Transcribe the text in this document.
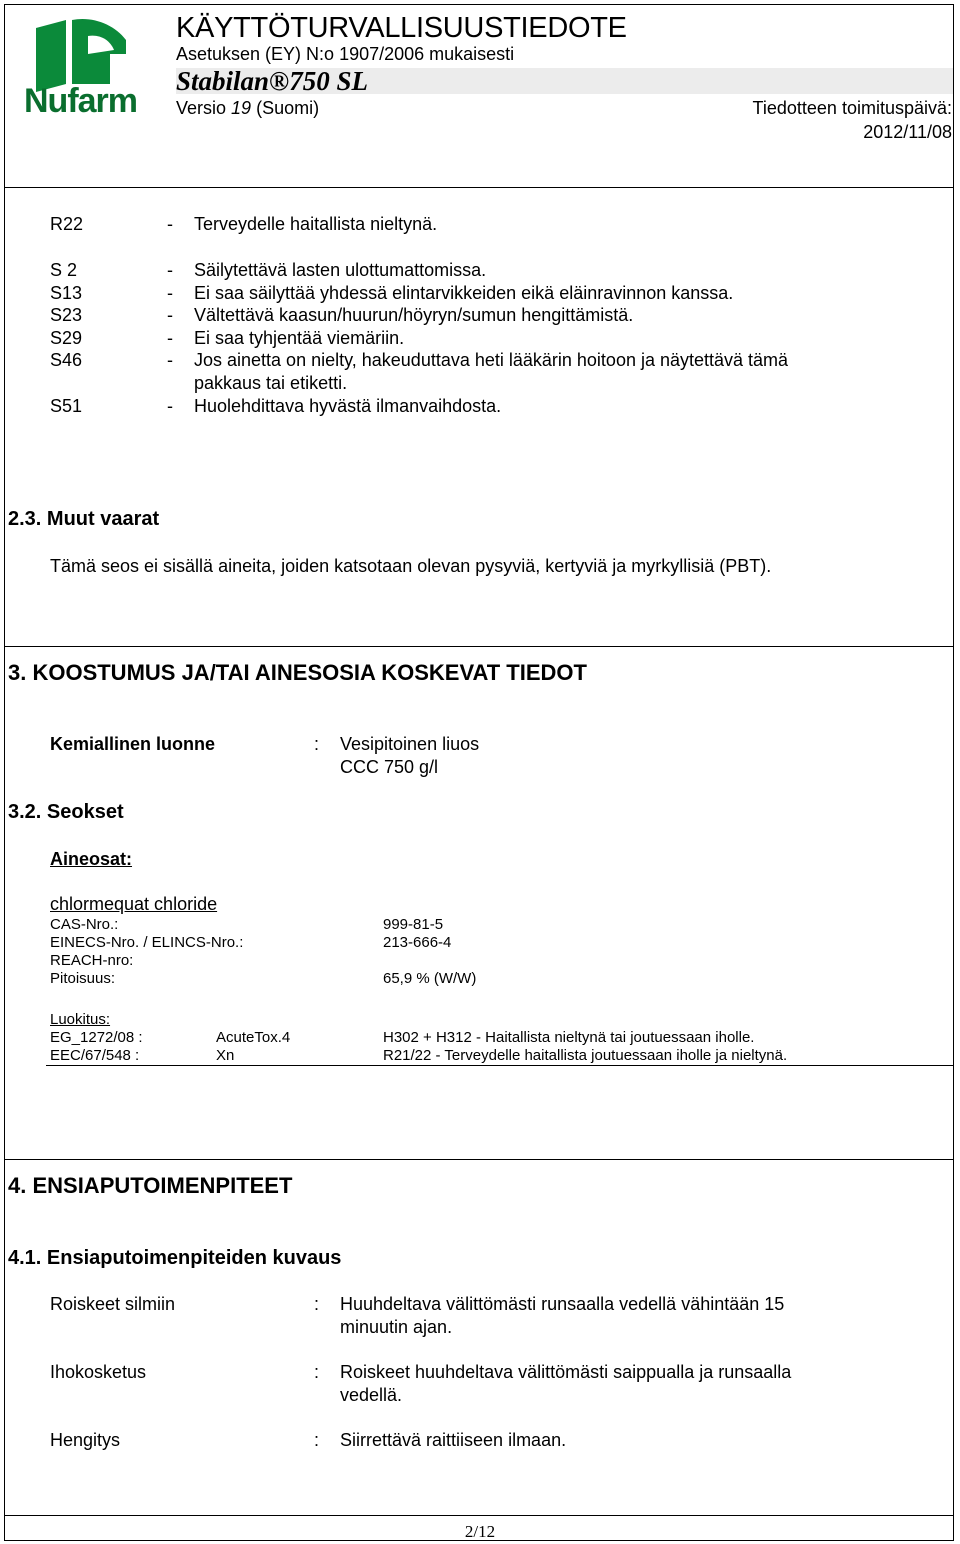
Nufarm
KÄYTTÖTURVALLISUUSTIEDOTE
Asetuksen (EY) N:o 1907/2006 mukaisesti
Stabilan®750 SL
Versio 19 (Suomi)	Tiedotteen toimituspäivä:
2012/11/08
R22	- Terveydelle haitallista nieltynä.
S 2	- Säilytettävä lasten ulottumattomissa.
S13	- Ei saa säilyttää yhdessä elintarvikkeiden eikä eläinravinnon kanssa.
S23	- Vältettävä kaasun/huurun/höyryn/sumun hengittämistä.
S29	- Ei saa tyhjentää viemäriin.
S46	- Jos ainetta on nielty, hakeuduttava heti lääkärin hoitoon ja näytettävä tämä
pakkaus tai etiketti.
S51	- Huolehdittava hyvästä ilmanvaihdosta.
2.3. Muut vaarat
Tämä seos ei sisällä aineita, joiden katsotaan olevan pysyviä, kertyviä ja myrkyllisiä (PBT).
3. KOOSTUMUS JA/TAI AINESOSIA KOSKEVAT TIEDOT
Kemiallinen luonne	: Vesipitoinen liuos
CCC 750 g/l
3.2. Seokset
Aineosat:
chlormequat chloride
CAS-Nro.:	999-81-5
EINECS-Nro. / ELINCS-Nro.:	213-666-4
REACH-nro:
Pitoisuus:	65,9 % (W/W)
Luokitus:
EG_1272/08 :	AcuteTox.4	H302 + H312 - Haitallista nieltynä tai joutuessaan iholle.
EEC/67/548 :	Xn	R21/22 - Terveydelle haitallista joutuessaan iholle ja nieltynä.
4. ENSIAPUTOIMENPITEET
4.1. Ensiaputoimenpiteiden kuvaus
Roiskeet silmiin	: Huuhdeltava välittömästi runsaalla vedellä vähintään 15
minuutin ajan.
Ihokosketus	: Roiskeet huuhdeltava välittömästi saippualla ja runsaalla
vedellä.
Hengitys	: Siirrettävä raittiiseen ilmaan.
2/12
